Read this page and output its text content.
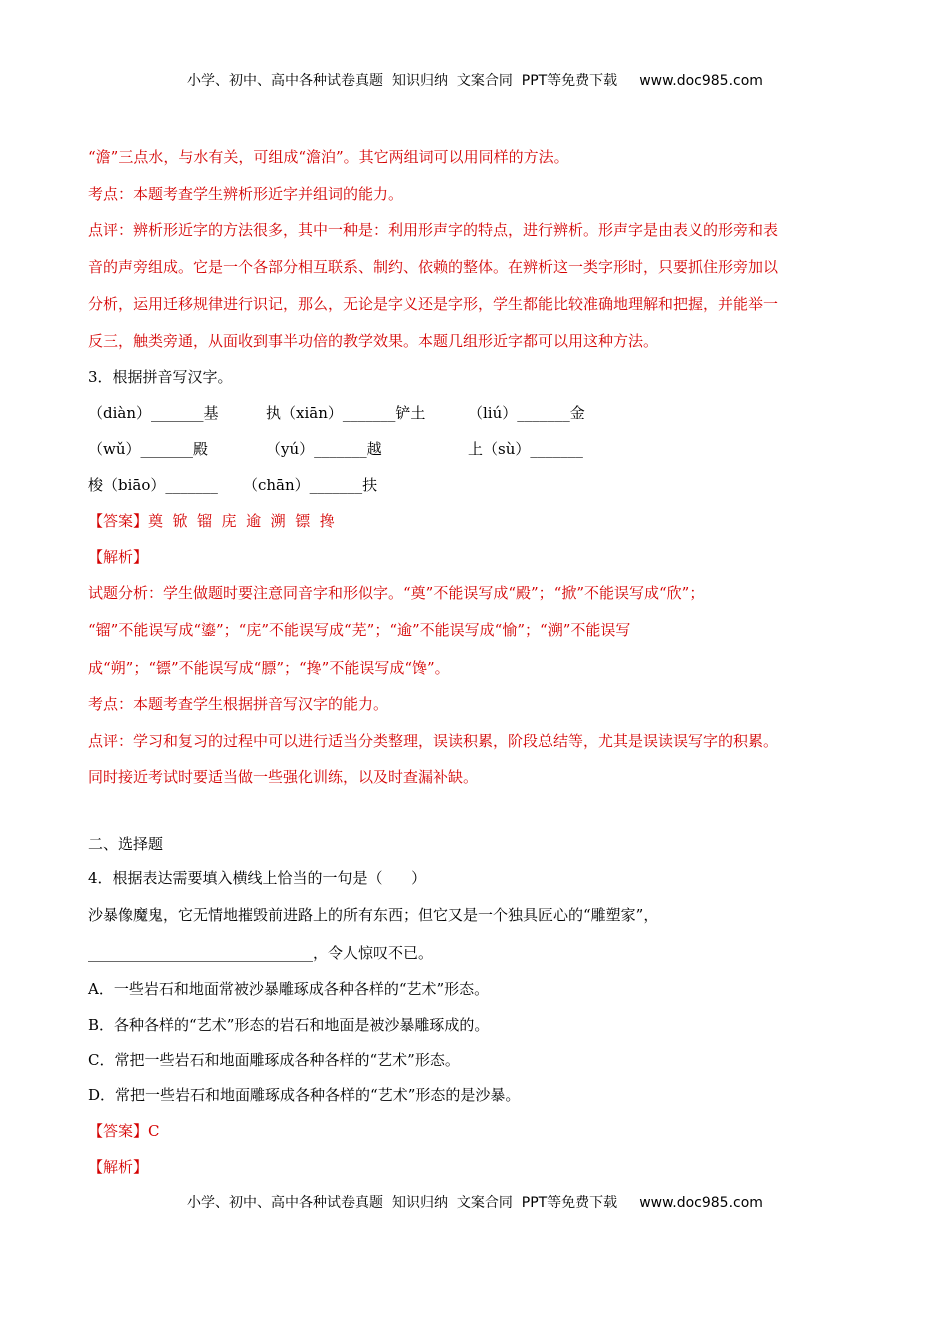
小学、初中、高中各种试卷真题  知识归纳  文案合同  PPT等免费下载 www.doc985.com
“澹”三点水，与水有关，可组成“澹泊”。其它两组词可以用同样的方法。
考点：本题考查学生辨析形近字并组词的能力。
点评：辨析形近字的方法很多，其中一种是：利用形声字的特点，进行辨析。形声字是由表义的形旁和表
音的声旁组成。它是一个各部分相互联系、制约、依赖的整体。在辨析这一类字形时，只要抓住形旁加以
分析，运用迁移规律进行识记，那么，无论是字义还是字形，学生都能比较准确地理解和把握，并能举一
反三，触类旁通，从面收到事半功倍的教学效果。本题几组形近字都可以用这种方法。
3．根据拼音写汉字。
（diàn）_______基	执（xiān）_______铲土	（liú）_______金
（wǔ）_______殿	（yú）_______越	上（sù）_______
梭（biāo）_______ （chān）_______扶
【答案】奠  锨  镏  庑  逾  溯  镖  搀
【解析】
试题分析：学生做题时要注意同音字和形似字。“奠”不能误写成“殿”；“掀”不能误写成“欣”；
“镏”不能误写成“鎏”；“庑”不能误写成“芜”；“逾”不能误写成“愉”；“溯”不能误写
成“朔”；“镖”不能误写成“膘”；“搀”不能误写成“馋”。
考点：本题考查学生根据拼音写汉字的能力。
点评：学习和复习的过程中可以进行适当分类整理，误读积累，阶段总结等，尤其是误读误写字的积累。
同时接近考试时要适当做一些强化训练，以及时查漏补缺。
二、选择题
4．根据表达需要填入横线上恰当的一句是（      ）
沙暴像魔鬼，它无情地摧毁前进路上的所有东西；但它又是一个独具匠心的“雕塑家”，
______________________________，令人惊叹不已。
A．一些岩石和地面常被沙暴雕琢成各种各样的“艺术”形态。
B．各种各样的“艺术”形态的岩石和地面是被沙暴雕琢成的。
C．常把一些岩石和地面雕琢成各种各样的“艺术”形态。
D．常把一些岩石和地面雕琢成各种各样的“艺术”形态的是沙暴。
【答案】C
【解析】
小学、初中、高中各种试卷真题  知识归纳  文案合同  PPT等免费下载 www.doc985.com
